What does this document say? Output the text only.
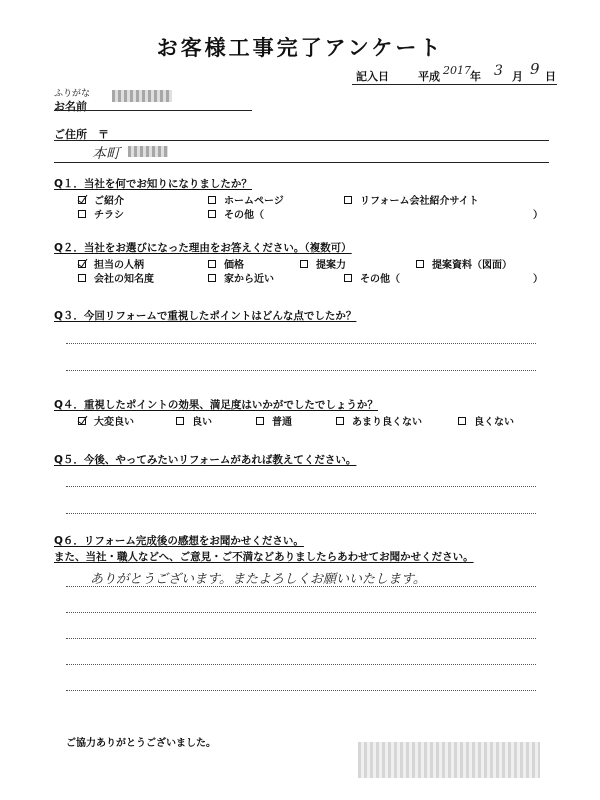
お客様工事完了アンケート
記入日	平成 2017 年 3 月 9 日
ふりがな
お名前
ご住所 〒
本町
Q１．当社を何でお知りになりましたか？
ご紹介	ホームページ	リフォーム会社紹介サイト
チラシ	その他（	）
Q２．当社をお選びになった理由をお答えください。（複数可）
担当の人柄	価格	提案力	提案資料（図面）
会社の知名度	家から近い	その他（	）
Q３．今回リフォームで重視したポイントはどんな点でしたか？
Q４．重視したポイントの効果、満足度はいかがでしたでしょうか？
大変良い	良い	普通	あまり良くない	良くない
Q５．今後、やってみたいリフォームがあれば教えてください。
Q６．リフォーム完成後の感想をお聞かせください。
また、当社・職人などへ、ご意見・ご不満などありましたらあわせてお聞かせください。
ありがとうございます。またよろしくお願いいたします。
ご協力ありがとうございました。
